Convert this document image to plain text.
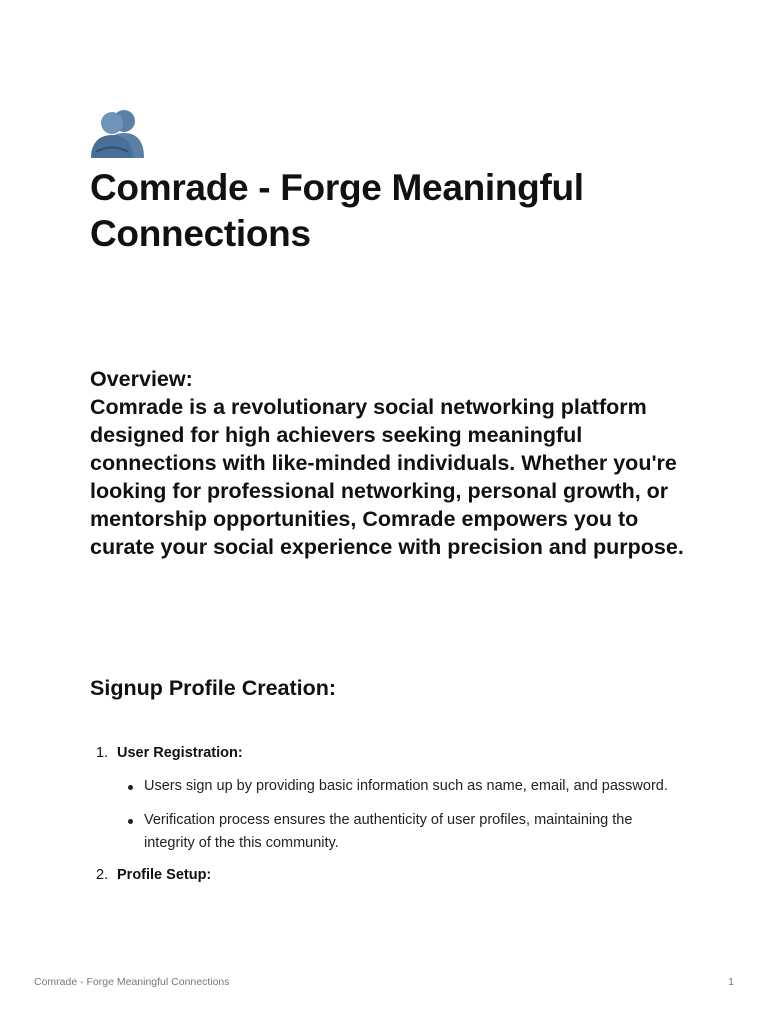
Comrade - Forge Meaningful Connections
Overview:

Comrade is a revolutionary social networking platform designed for high achievers seeking meaningful connections with like-minded individuals. Whether you're looking for professional networking, personal growth, or mentorship opportunities, Comrade empowers you to curate your social experience with precision and purpose.

Signup Profile Creation:
1. User Registration:
Users sign up by providing basic information such as name, email, and password.
Verification process ensures the authenticity of user profiles, maintaining the integrity of the this community.
2. Profile Setup:
Comrade - Forge Meaningful Connections	1
